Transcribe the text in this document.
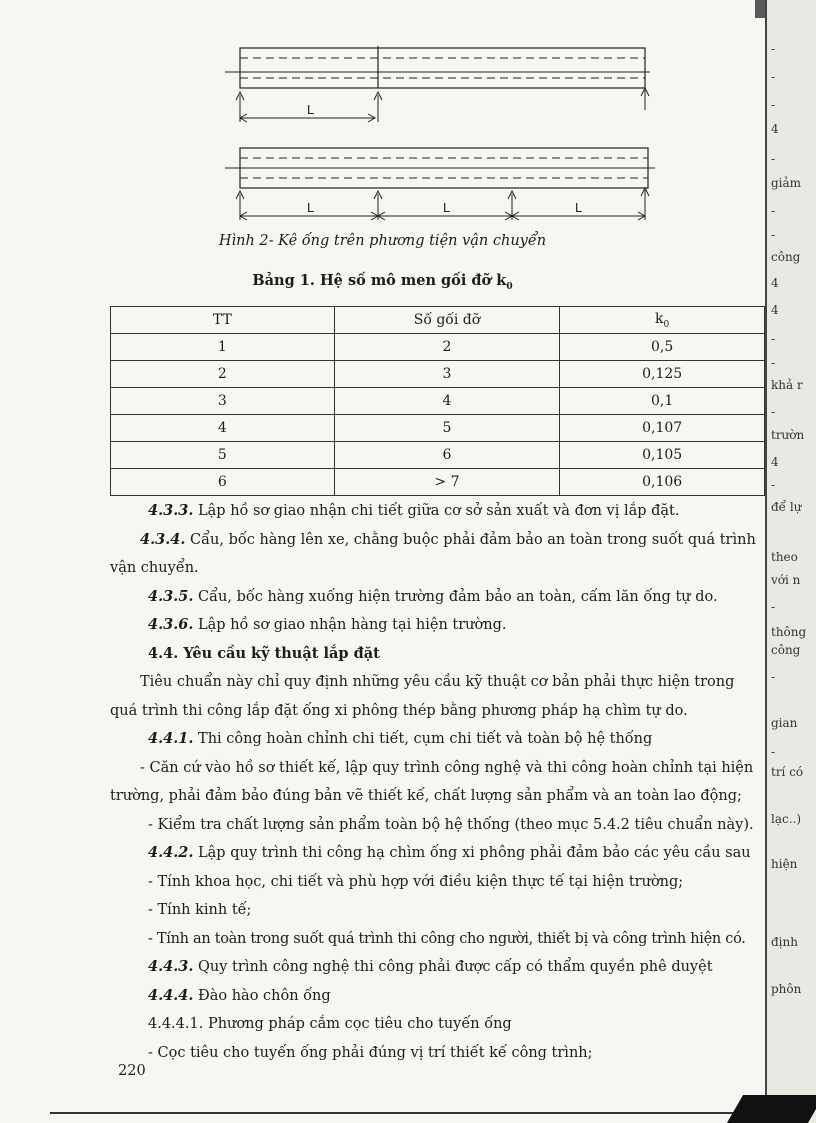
L
L	L	L
Hình 2- Kê ống trên phương tiện vận chuyển
Bảng 1. Hệ số mô men gối đỡ $k_0$
TT	Số gối đỡ	$k_0$
1	2	0,5
2	3	0,125
3	4	0,1
4	5	0,107
5	6	0,105
6	> 7	0,106

4.3.3. Lập hồ sơ giao nhận chi tiết giữa cơ sở sản xuất và đơn vị lắp đặt.

4.3.4. Cẩu, bốc hàng lên xe, chằng buộc phải đảm bảo an toàn trong suốt quá trình vận chuyển.

4.3.5. Cẩu, bốc hàng xuống hiện trường đảm bảo an toàn, cấm lăn ống tự do.

4.3.6. Lập hồ sơ giao nhận hàng tại hiện trường.

4.4. Yêu cầu kỹ thuật lắp đặt

Tiêu chuẩn này chỉ quy định những yêu cầu kỹ thuật cơ bản phải thực hiện trong quá trình thi công lắp đặt ống xi phông thép bằng phương pháp hạ chìm tự do.

4.4.1. Thi công hoàn chỉnh chi tiết, cụm chi tiết và toàn bộ hệ thống

- Căn cứ vào hồ sơ thiết kế, lập quy trình công nghệ và thi công hoàn chỉnh tại hiện trường, phải đảm bảo đúng bản vẽ thiết kế, chất lượng sản phẩm và an toàn lao động;

- Kiểm tra chất lượng sản phẩm toàn bộ hệ thống (theo mục 5.4.2 tiêu chuẩn này).

4.4.2. Lập quy trình thi công hạ chìm ống xi phông phải đảm bảo các yêu cầu sau

- Tính khoa học, chi tiết và phù hợp với điều kiện thực tế tại hiện trường;

- Tính kinh tế;

- Tính an toàn trong suốt quá trình thi công cho người, thiết bị và công trình hiện có.

4.4.3. Quy trình công nghệ thi công phải được cấp có thẩm quyền phê duyệt

4.4.4. Đào hào chôn ống

4.4.4.1. Phương pháp cắm cọc tiêu cho tuyến ống

- Cọc tiêu cho tuyến ống phải đúng vị trí thiết kế công trình;

220
-
-
-
4
-
giảm
-
-
công
4
4
-
-
khả r
-
trườn
4
-
để lự
theo
với n
-
thông
công
-
gian
-
trí có
lạc..)
hiện
định
phôn
